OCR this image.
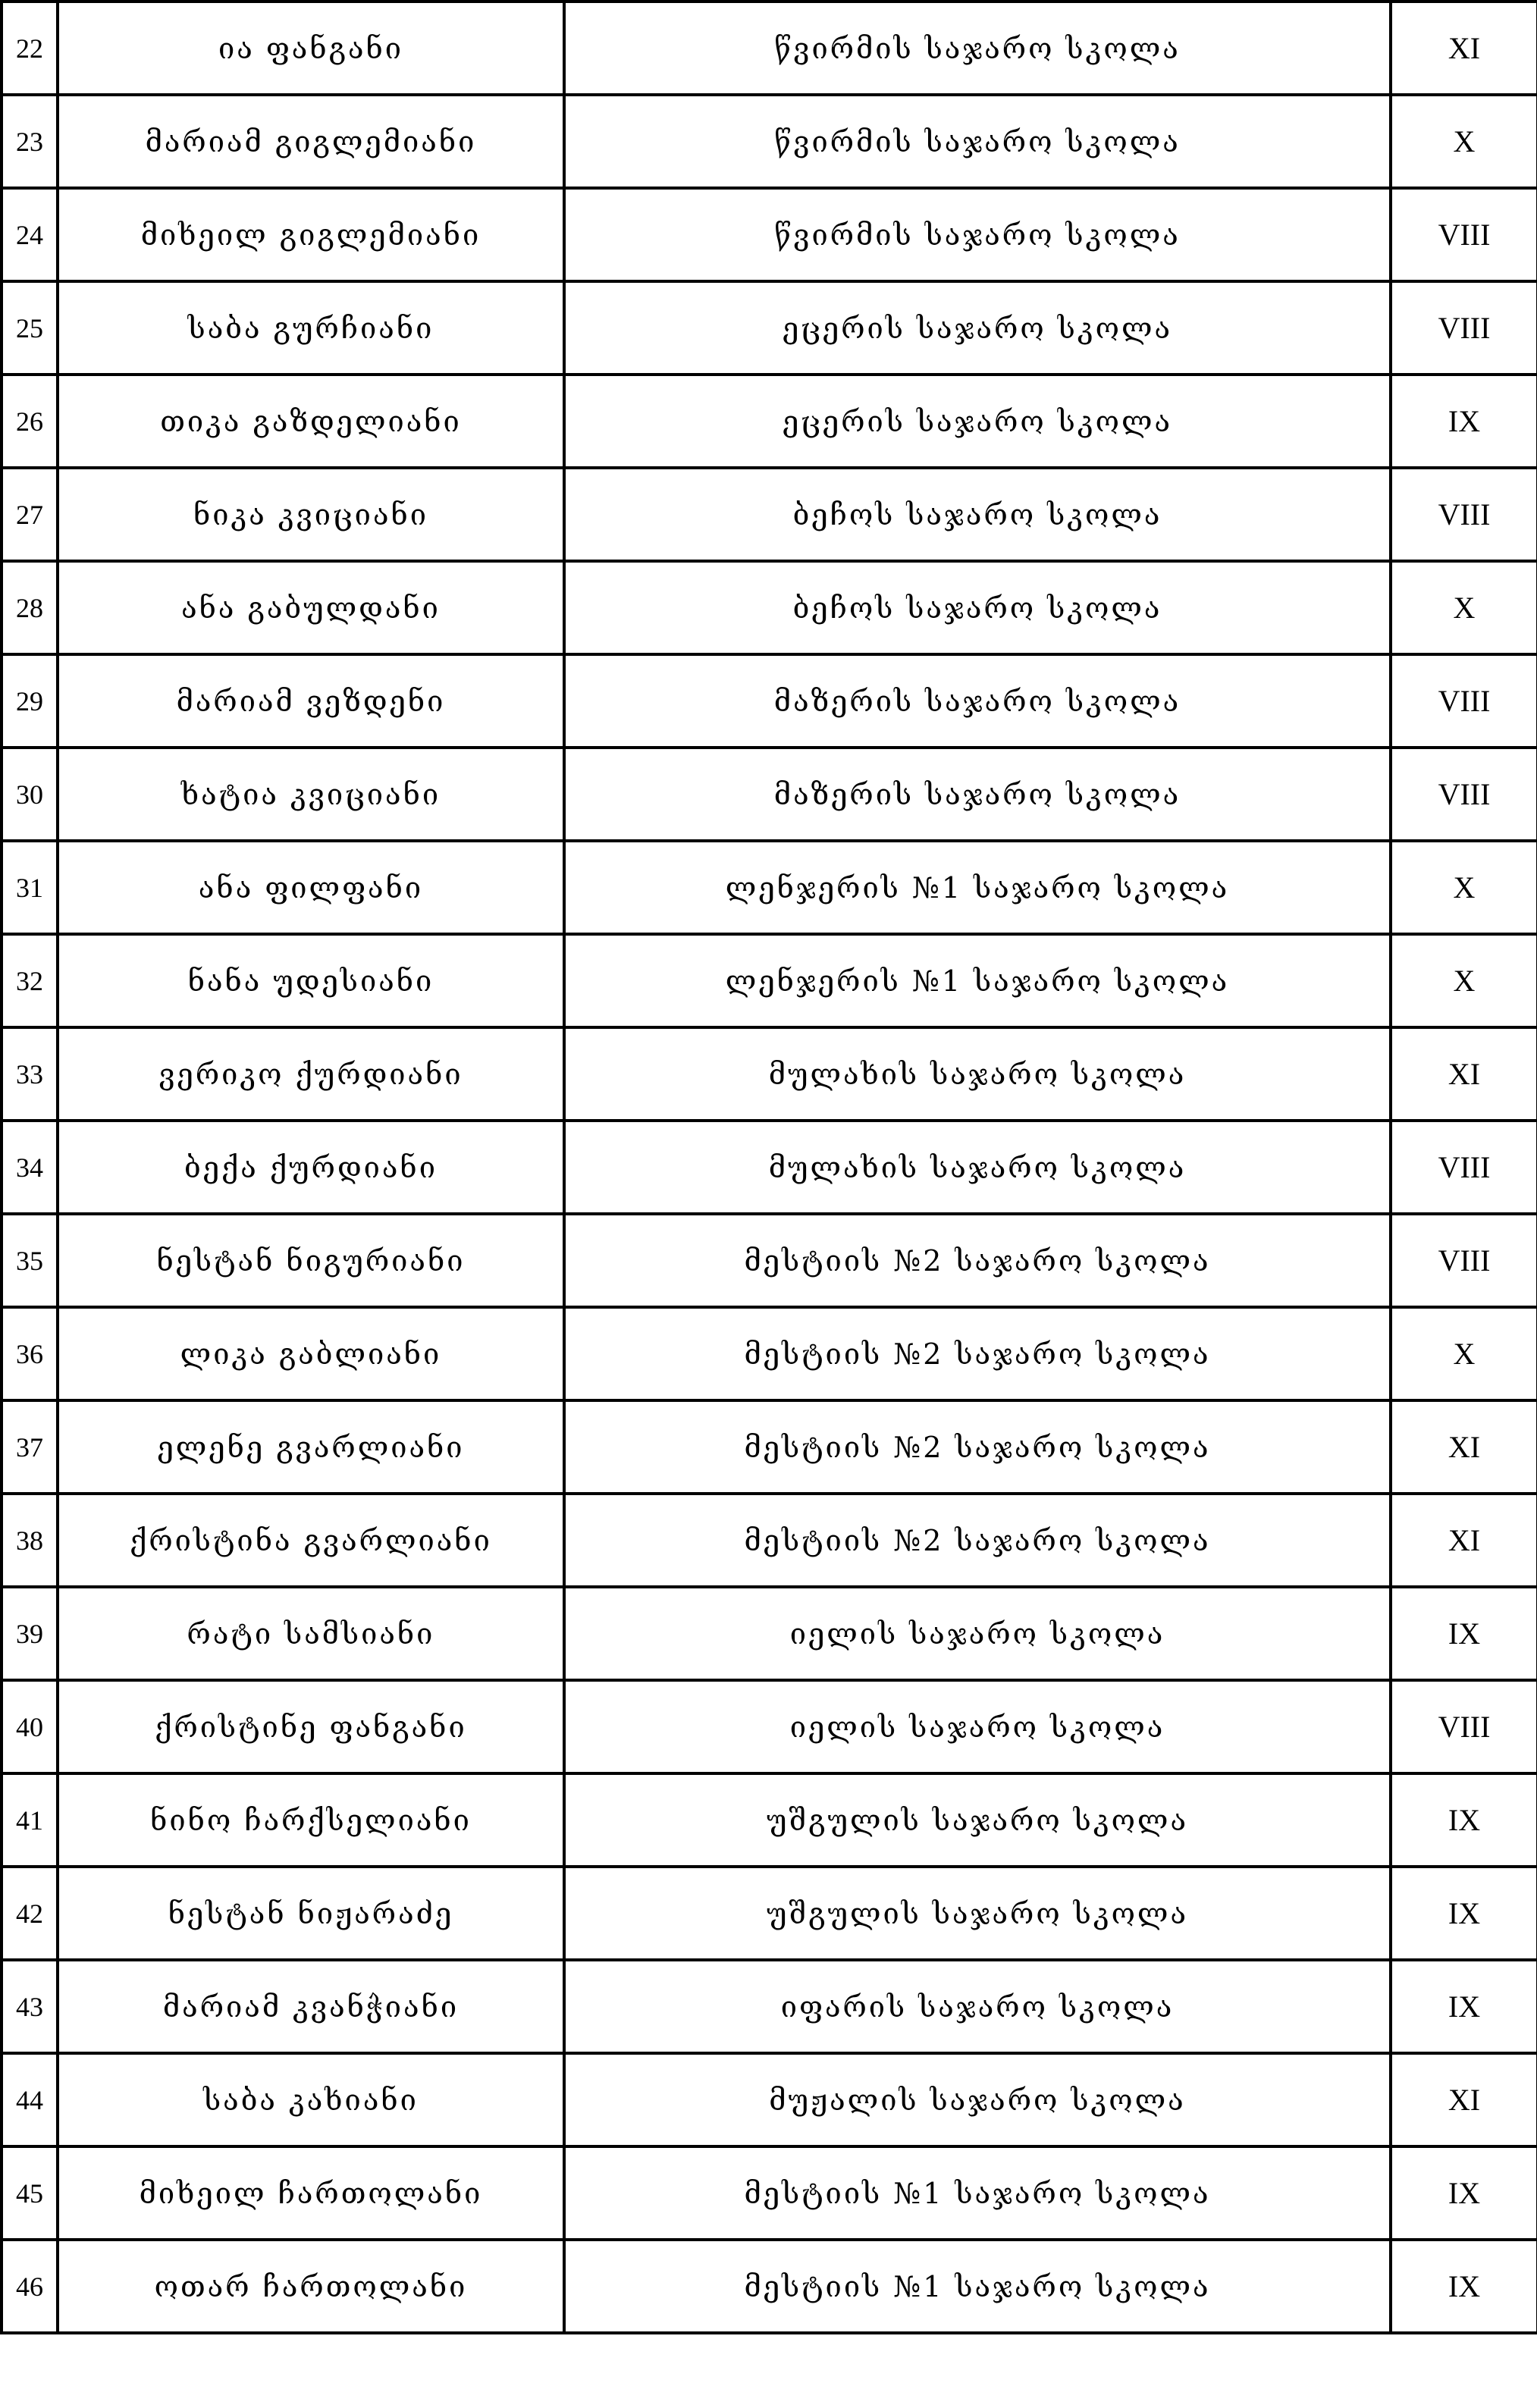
22	ია ფანგანი	წვირმის საჯარო სკოლა	XI
23	მარიამ გიგლემიანი	წვირმის საჯარო სკოლა	X
24	მიხეილ გიგლემიანი	წვირმის საჯარო სკოლა	VIII
25	საბა გურჩიანი	ეცერის საჯარო სკოლა	VIII
26	თიკა გაზდელიანი	ეცერის საჯარო სკოლა	IX
27	ნიკა კვიციანი	ბეჩოს საჯარო სკოლა	VIII
28	ანა გაბულდანი	ბეჩოს საჯარო სკოლა	X
29	მარიამ ვეზდენი	მაზერის საჯარო სკოლა	VIII
30	ხატია კვიციანი	მაზერის საჯარო სკოლა	VIII
31	ანა ფილფანი	ლენჯერის №1 საჯარო სკოლა	X
32	ნანა უდესიანი	ლენჯერის №1 საჯარო სკოლა	X
33	ვერიკო ქურდიანი	მულახის საჯარო სკოლა	XI
34	ბექა ქურდიანი	მულახის საჯარო სკოლა	VIII
35	ნესტან ნიგურიანი	მესტიის №2 საჯარო სკოლა	VIII
36	ლიკა გაბლიანი	მესტიის №2 საჯარო სკოლა	X
37	ელენე გვარლიანი	მესტიის №2 საჯარო სკოლა	XI
38	ქრისტინა გვარლიანი	მესტიის №2 საჯარო სკოლა	XI
39	რატი სამსიანი	იელის საჯარო სკოლა	IX
40	ქრისტინე ფანგანი	იელის საჯარო სკოლა	VIII
41	ნინო ჩარქსელიანი	უშგულის საჯარო სკოლა	IX
42	ნესტან ნიჟარაძე	უშგულის საჯარო სკოლა	IX
43	მარიამ კვანჭიანი	იფარის საჯარო სკოლა	IX
44	საბა კახიანი	მუჟალის საჯარო სკოლა	XI
45	მიხეილ ჩართოლანი	მესტიის №1 საჯარო სკოლა	IX
46	ოთარ ჩართოლანი	მესტიის №1 საჯარო სკოლა	IX
